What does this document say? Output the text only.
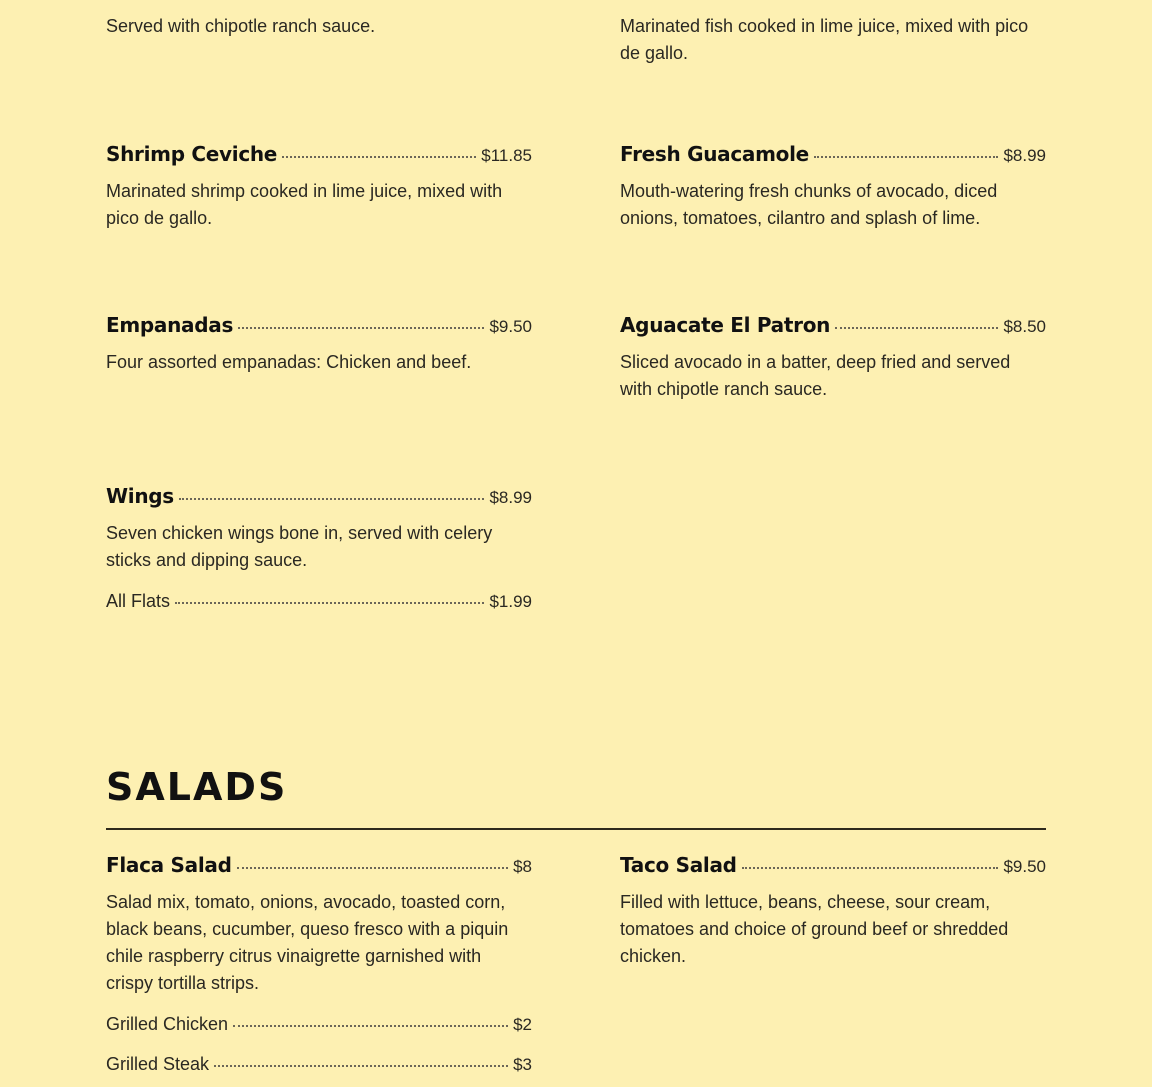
Served with chipotle ranch sauce.
Shrimp Ceviche	$11.85
Marinated shrimp cooked in lime juice, mixed with pico de gallo.
Empanadas	$9.50
Four assorted empanadas: Chicken and beef.
Wings	$8.99
Seven chicken wings bone in, served with celery sticks and dipping sauce.
All Flats	$1.99
Marinated fish cooked in lime juice, mixed with pico de gallo.
Fresh Guacamole	$8.99
Mouth-watering fresh chunks of avocado, diced onions, tomatoes, cilantro and splash of lime.
Aguacate El Patron	$8.50
Sliced avocado in a batter, deep fried and served with chipotle ranch sauce.
SALADS
Flaca Salad	$8
Salad mix, tomato, onions, avocado, toasted corn, black beans, cucumber, queso fresco with a piquin chile raspberry citrus vinaigrette garnished with crispy tortilla strips.
Grilled Chicken	$2
Grilled Steak	$3
Taco Salad	$9.50
Filled with lettuce, beans, cheese, sour cream, tomatoes and choice of ground beef or shredded chicken.
